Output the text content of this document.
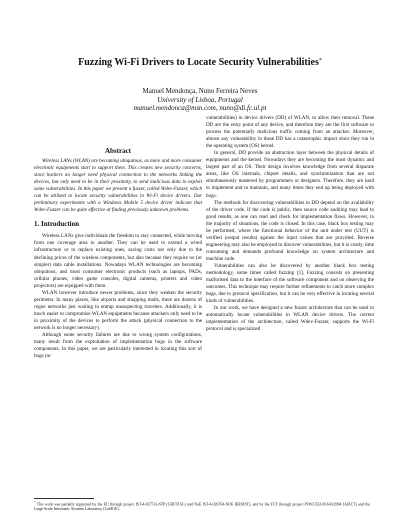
Fuzzing Wi-Fi Drivers to Locate Security Vulnerabilities*
Manuel Mendonça, Nuno Ferreira Neves
University of Lisboa, Portugal
manuel.mendonca@msn.com, nuno@di.fc.ul.pt
Abstract

Wireless LANs (WLAN) are becoming ubiquitous, as more and more consumer electronic equipments start to support them. This creates new security concerns, since hackers no longer need physical connection to the networks linking the devices, but only need to be in their proximity, to send malicious data to exploit some vulnerabilities. In this paper we present a fuzzer, called Wdev-Fuzzer, which can be utilized to locate security vulnerabilities in Wi-Fi device drivers. Our preliminary experiments with a Windows Mobile 5 device driver indicate that Wdev-Fuzzer can be quite effective at finding previously unknown problems.

1. Introduction

Wireless LANs give individuals the freedom to stay connected, while moving from one coverage area to another. They can be used to extend a wired infrastructure or to replace existing ones, saving costs not only due to the declining prices of the wireless components, but also because they require no (or simpler) data cable installations. Nowadays WLAN technologies are becoming ubiquitous, and most consumer electronic products (such as laptops, PADs, cellular phones, video game consoles, digital cameras, printers and video projectors) are equipped with them.

WLAN however introduce newer problems, since they weaken the security perimeter. In many places, like airports and shopping malls, there are dozens of rogue networks just waiting to entrap unsuspecting travelers. Additionally, it is much easier to compromise WLAN equipments because attackers only need to be in proximity of the devices to perform the attack (physical connection to the network is no longer necessary).

Although some security failures are due to wrong system configurations, many result from the exploitation of implementation bugs in the software components. In this paper, we are particularly interested in locating this sort of bugs (or

vulnerabilities) in device drivers (DD) of WLAN, to allow their removal. These DD are the entry point of any device, and therefore they are the first software to process the potentially malicious traffic coming from an attacker. Moreover, almost any vulnerability in these DD has a catastrophic impact since they run in the operating system (OS) kernel.

In general, DD provide an abstraction layer between the physical details of equipments and the kernel. Nowadays they are becoming the most dynamic and largest part of an OS. Their design involves knowledge from several disparate areas, like OS internals, chipset details, and synchronization that are not simultaneously mastered by programmers or designers. Therefore, they are hard to implement and to maintain, and many times they end up being deployed with bugs.

The methods for discovering vulnerabilities in DD depend on the availability of the driver code. If the code is public, then source code auditing may lead to good results, as one can read and check for implementation flaws. However, in the majority of situations, the code is closed. In this case, black box testing may be performed, where the functional behavior of the unit under test (UUT) is verified (output results) against the input values that are provided. Reverse engineering may also be employed to discover vulnerabilities, but it is costly, time consuming and demands profound knowledge on system architecture and machine code.

Vulnerabilities can also be discovered by another black box testing methodology, some times called fuzzing [1]. Fuzzing consists on presenting malformed data to the interface of the software component and on observing the outcomes. This technique may require further refinements to catch more complex bugs, due to protocol specification, but it can be very effective in locating several kinds of vulnerabilities.

In our work, we have designed a new fuzzer architecture that can be used to automatically locate vulnerabilities in WLAN device drivers. The current implementation of the architecture, called Wdev-Fuzzer, supports the Wi-Fi protocol and is specialized

* This work was partially supported by the EU through project IST-4-027513-STP (CRUTIAL) and NoE IST-4-026764-NOE (RESIST), and by the FCT through project POSC/EIA/61643/2004 (AJECT) and the Large-Scale Informatic Systems Laboratory (LaSIGE).
